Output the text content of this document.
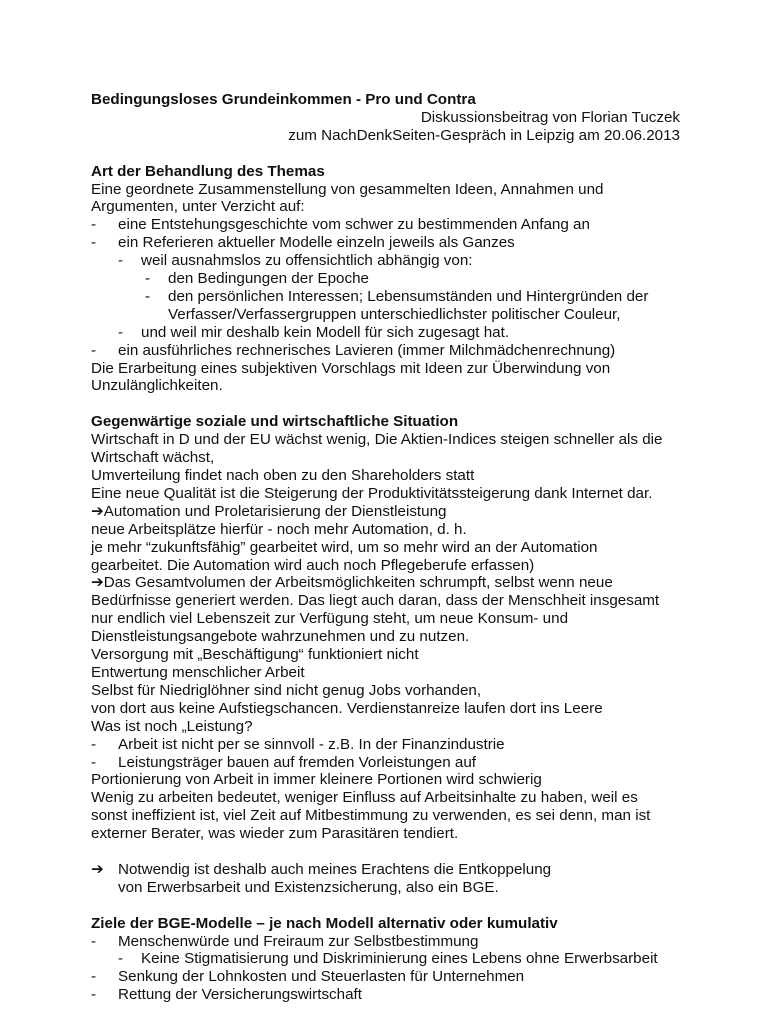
Bedingungsloses Grundeinkommen - Pro und Contra
Diskussionsbeitrag von Florian Tuczek
zum NachDenkSeiten-Gespräch in Leipzig am 20.06.2013
Art der Behandlung des Themas
Eine geordnete Zusammenstellung von gesammelten Ideen, Annahmen und
Argumenten, unter Verzicht auf:
- eine Entstehungsgeschichte vom schwer zu bestimmenden Anfang an
- ein Referieren aktueller Modelle einzeln jeweils als Ganzes
- weil ausnahmslos zu offensichtlich abhängig von:
- den Bedingungen der Epoche
- den persönlichen Interessen; Lebensumständen und Hintergründen der
Verfasser/Verfassergruppen unterschiedlichster politischer Couleur,
- und weil mir deshalb kein Modell für sich zugesagt hat.
- ein ausführliches rechnerisches Lavieren (immer Milchmädchenrechnung)
Die Erarbeitung eines subjektiven Vorschlags mit Ideen zur Überwindung von
Unzulänglichkeiten.
Gegenwärtige soziale und wirtschaftliche Situation
Wirtschaft in D und der EU wächst wenig, Die Aktien-Indices steigen schneller als die
Wirtschaft wächst,
Umverteilung findet nach oben zu den Shareholders statt
Eine neue Qualität ist die Steigerung der Produktivitätssteigerung dank Internet dar.
➔Automation und Proletarisierung der Dienstleistung
neue Arbeitsplätze hierfür - noch mehr Automation, d. h.
je mehr “zukunftsfähig” gearbeitet wird, um so mehr wird an der Automation
gearbeitet. Die Automation wird auch noch Pflegeberufe erfassen)
➔Das Gesamtvolumen der Arbeitsmöglichkeiten schrumpft, selbst wenn neue
Bedürfnisse generiert werden. Das liegt auch daran, dass der Menschheit insgesamt
nur endlich viel Lebenszeit zur Verfügung steht, um neue Konsum- und
Dienstleistungsangebote wahrzunehmen und zu nutzen.
Versorgung mit „Beschäftigung“ funktioniert nicht
Entwertung menschlicher Arbeit
Selbst für Niedriglöhner sind nicht genug Jobs vorhanden,
von dort aus keine Aufstiegschancen. Verdienstanreize laufen dort ins Leere
Was ist noch „Leistung?
- Arbeit ist nicht per se sinnvoll - z.B. In der Finanzindustrie
- Leistungsträger bauen auf fremden Vorleistungen auf
Portionierung von Arbeit in immer kleinere Portionen wird schwierig
Wenig zu arbeiten bedeutet, weniger Einfluss auf Arbeitsinhalte zu haben, weil es
sonst ineffizient ist, viel Zeit auf Mitbestimmung zu verwenden, es sei denn, man ist
externer Berater, was wieder zum Parasitären tendiert.
➔ Notwendig ist deshalb auch meines Erachtens die Entkoppelung
von Erwerbsarbeit und Existenzsicherung, also ein BGE.
Ziele der BGE-Modelle – je nach Modell alternativ oder kumulativ
- Menschenwürde und Freiraum zur Selbstbestimmung
- Keine Stigmatisierung und Diskriminierung eines Lebens ohne Erwerbsarbeit
- Senkung der Lohnkosten und Steuerlasten für Unternehmen
- Rettung der Versicherungswirtschaft
